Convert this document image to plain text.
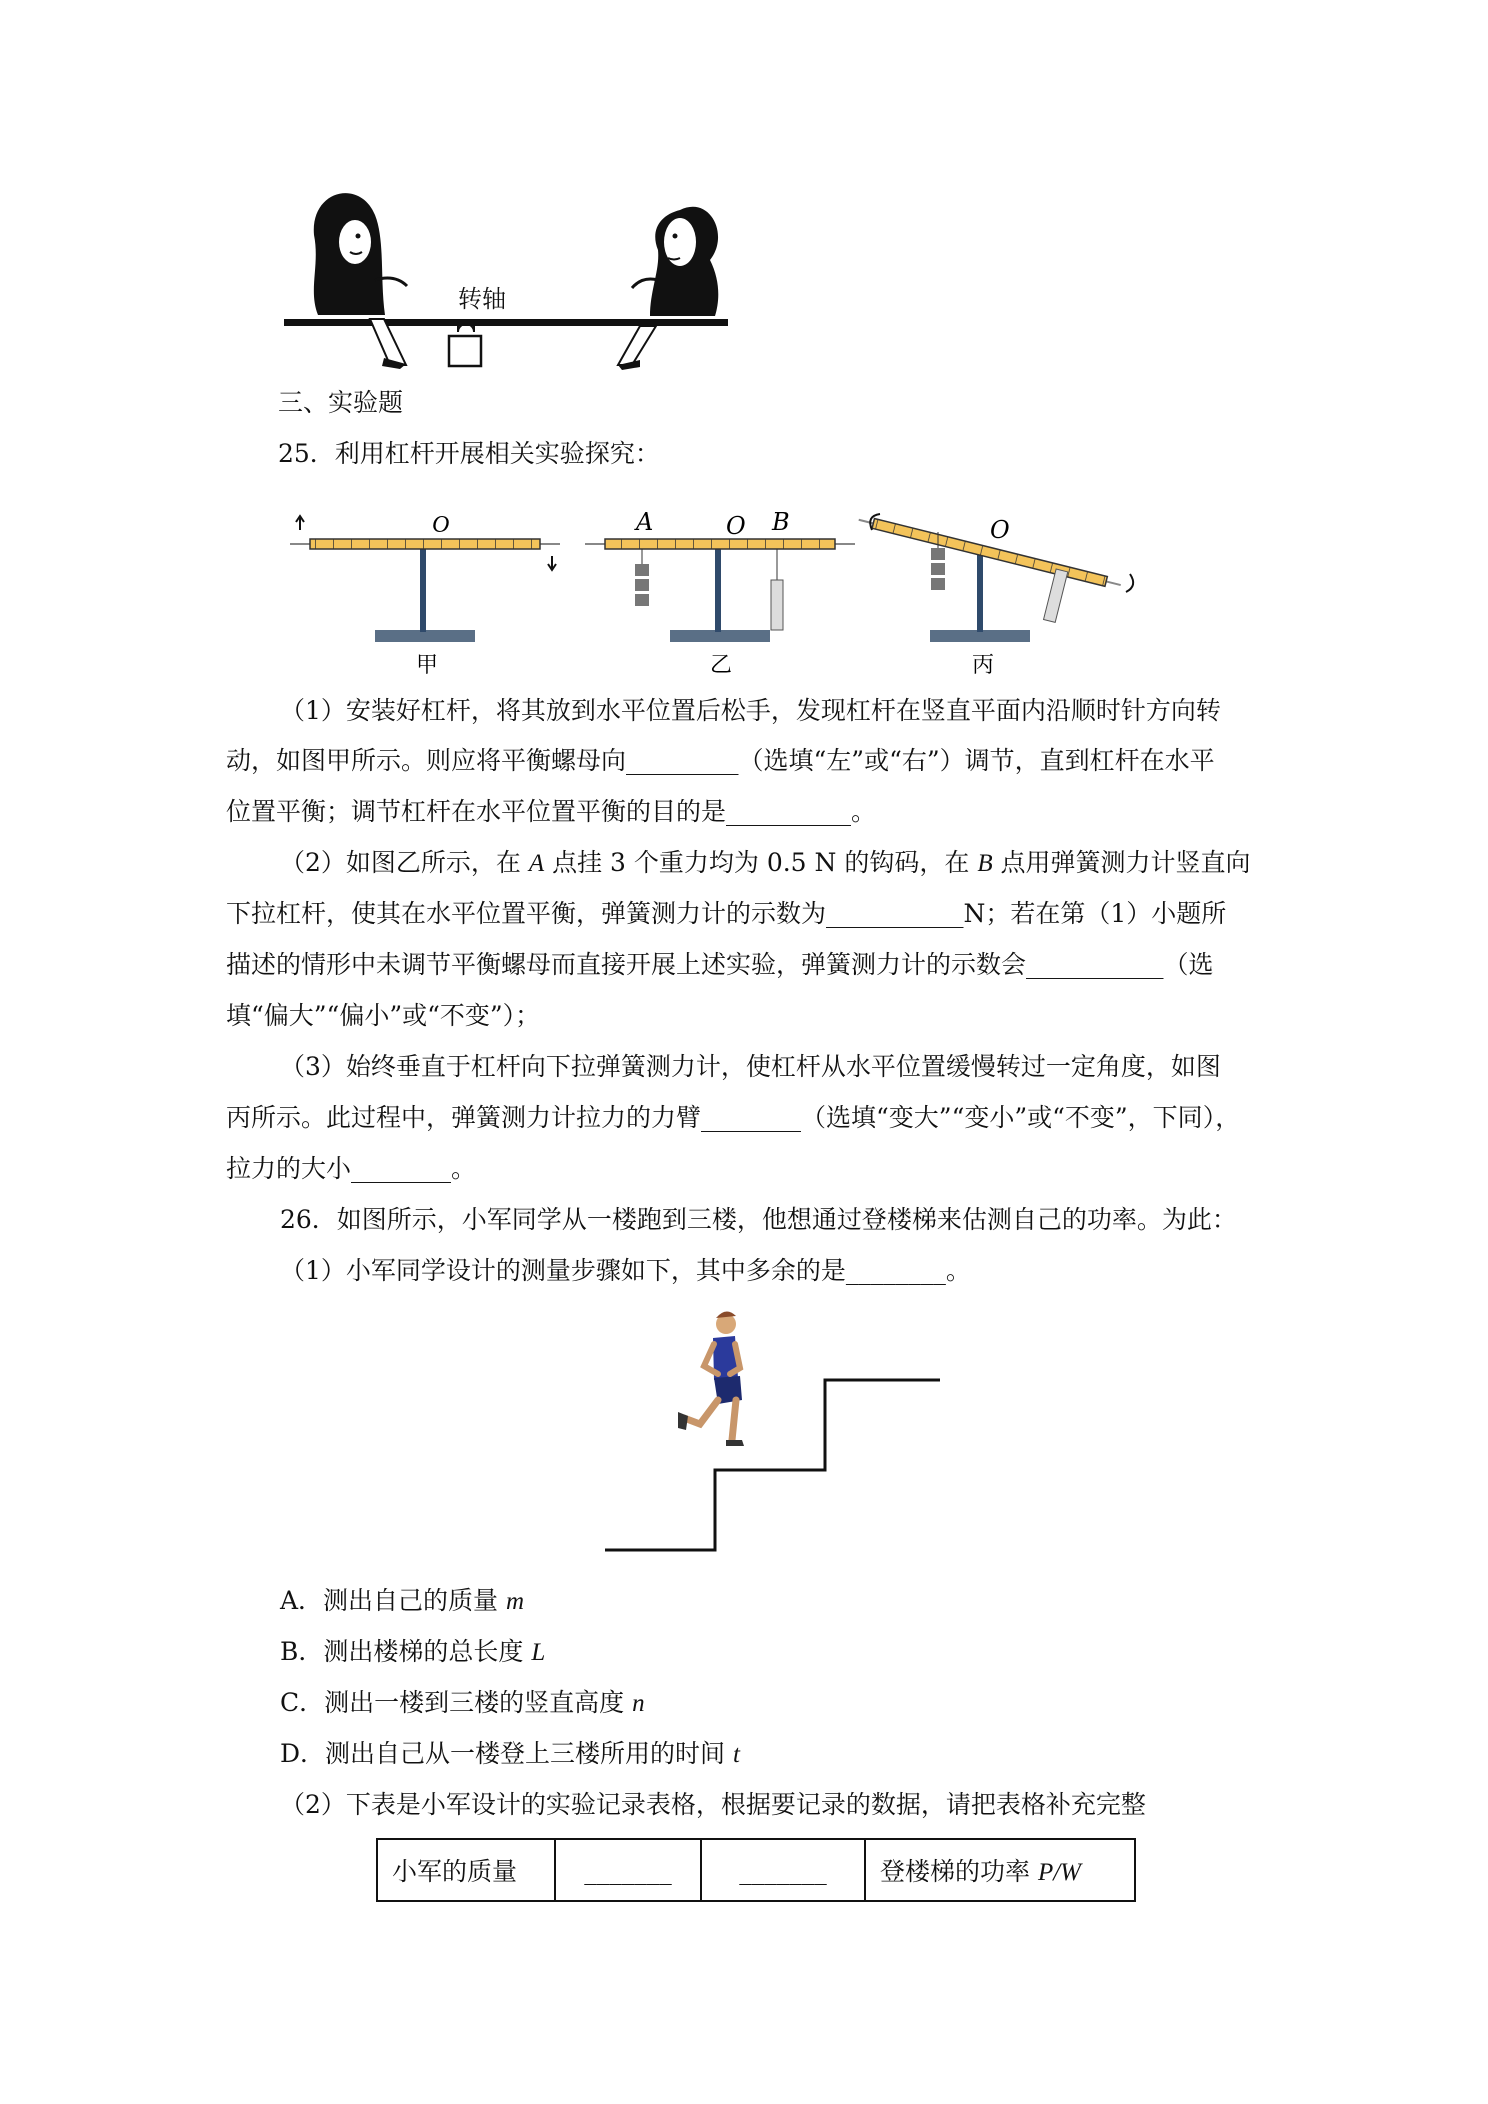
转轴
三、实验题
25．利用杠杆开展相关实验探究：
O
甲
A	O B
乙
O
丙
（1）安装好杠杆，将其放到水平位置后松手，发现杠杆在竖直平面内沿顺时针方向转
动，如图甲所示。则应将平衡螺母向_________（选填“左”或“右”）调节，直到杠杆在水平
位置平衡；调节杠杆在水平位置平衡的目的是__________。
（2）如图乙所示，在 A 点挂 3 个重力均为 0.5 N 的钩码，在 B 点用弹簧测力计竖直向
下拉杠杆，使其在水平位置平衡，弹簧测力计的示数为___________N；若在第（1）小题所
描述的情形中未调节平衡螺母而直接开展上述实验，弹簧测力计的示数会___________（选
填“偏大”“偏小”或“不变”）；
（3）始终垂直于杠杆向下拉弹簧测力计，使杠杆从水平位置缓慢转过一定角度，如图
丙所示。此过程中，弹簧测力计拉力的力臂________（选填“变大”“变小”或“不变”，下同），
拉力的大小________。
26．如图所示，小军同学从一楼跑到三楼，他想通过登楼梯来估测自己的功率。为此：
（1）小军同学设计的测量步骤如下，其中多余的是________。
A．测出自己的质量 m
B．测出楼梯的总长度 L
C．测出一楼到三楼的竖直高度 n
D．测出自己从一楼登上三楼所用的时间 t
（2）下表是小军设计的实验记录表格，根据要记录的数据，请把表格补充完整
小军的质量	_______	_______	登楼梯的功率 P/W
